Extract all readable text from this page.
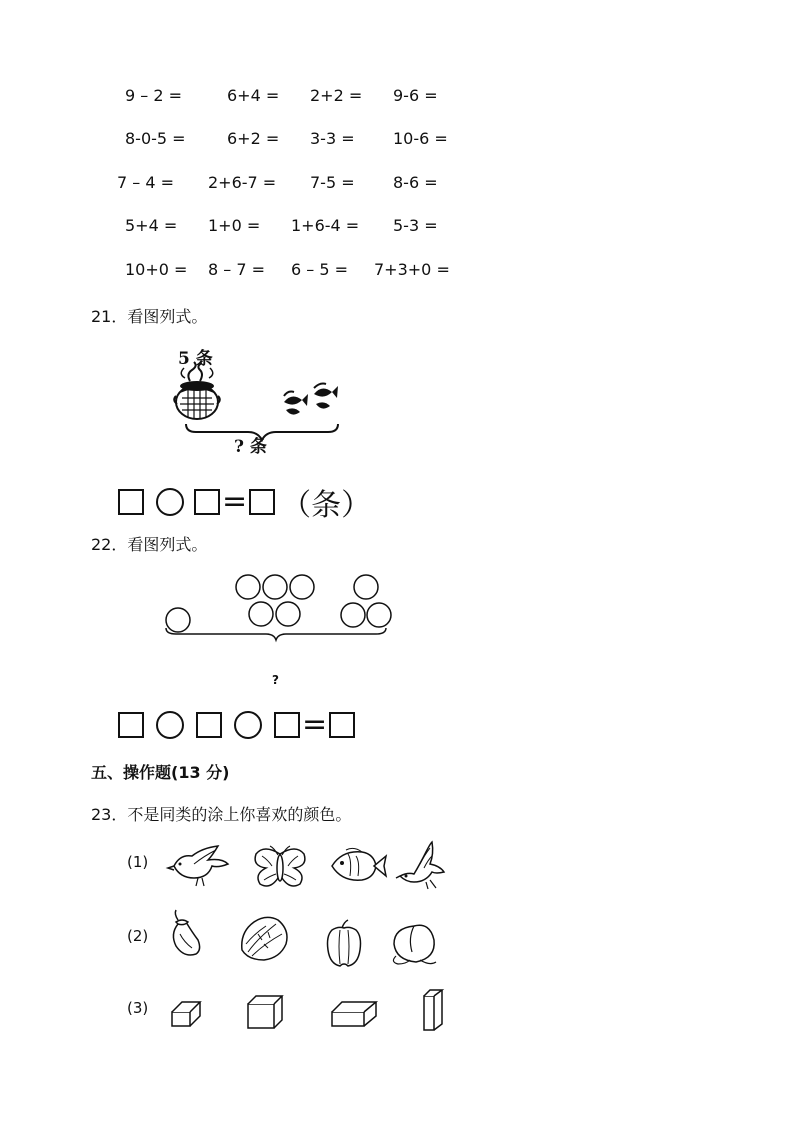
9 – 2 =	6+4 = 2+2 = 9-6 =
8-0-5 =	6+2 = 3-3 = 10-6 =
7 – 4 = 2+6-7 = 7-5 = 8-6 =
5+4 = 1+0 = 1+6-4 = 5-3 =
10+0 = 8 – 7 = 6 – 5 = 7+3+0 =
21．看图列式。
5 条
? 条
= （条）
22．看图列式。
?
=
五、操作题(13 分)
23．不是同类的涂上你喜欢的颜色。
(1)
(2)
(3)
